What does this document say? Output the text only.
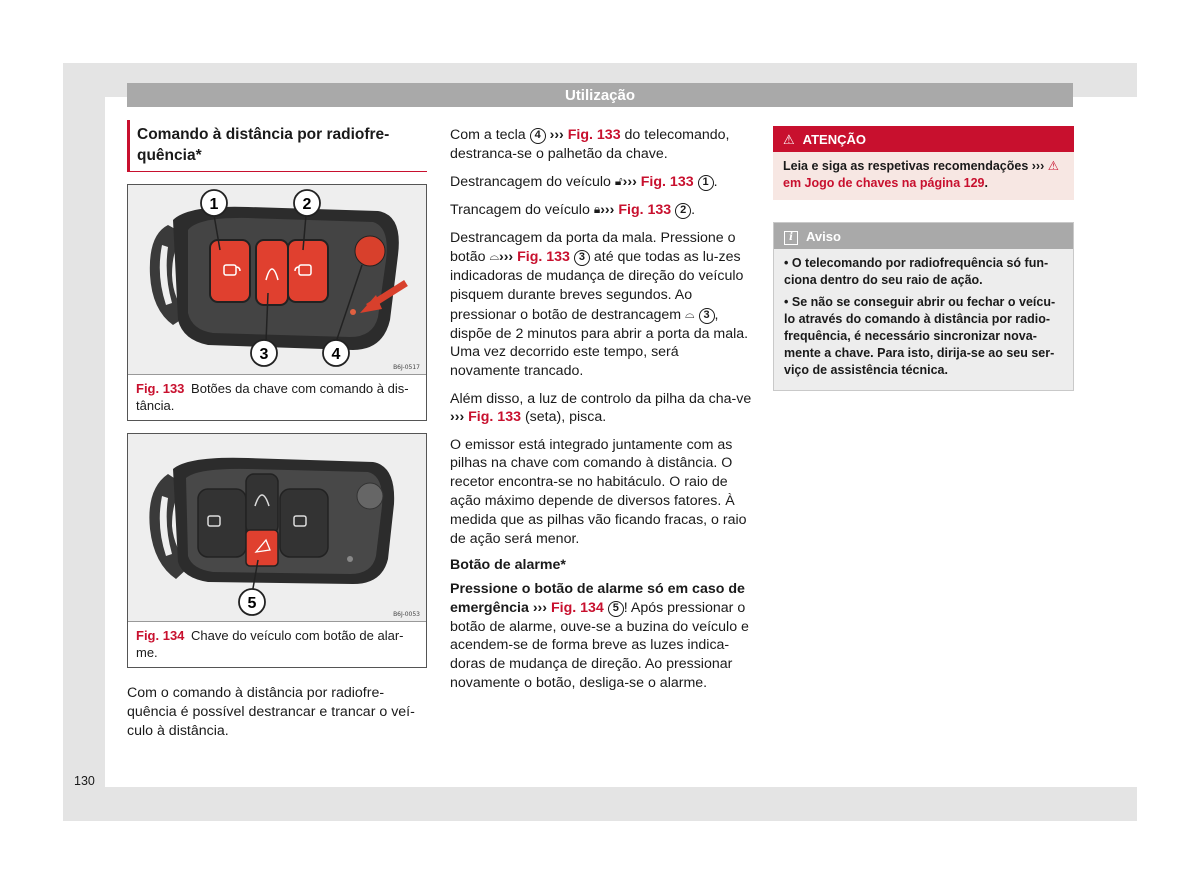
Utilização
Comando à distância por radiofre-
quência*
1	2
3	4
B6J-0517
Fig. 133 Botões da chave com comando à dis-tância.
5
B6J-0053
Fig. 134 Chave do veículo com botão de alar-me.

Com o comando à distância por radiofre-quência é possível destrancar e trancar o veí-culo à distância.

Com a tecla 4 ››› Fig. 133 do telecomando, destranca-se o palhetão da chave.

Destrancagem do veículo 🔓︎››› Fig. 133 1 .

Trancagem do veículo 🔒︎››› Fig. 133 2 .

Destrancagem da porta da mala. Pressione o botão ⌓››› Fig. 133 3 até que todas as lu-zes indicadoras de mudança de direção do veículo pisquem durante breves segundos. Ao pressionar o botão de destrancagem ⌓ 3 , dispõe de 2 minutos para abrir a porta da mala. Uma vez decorrido este tempo, será novamente trancado.

Além disso, a luz de controlo da pilha da cha-ve ››› Fig. 133 (seta), pisca.

O emissor está integrado juntamente com as pilhas na chave com comando à distância. O recetor encontra-se no habitáculo. O raio de ação máximo depende de diversos fatores. À medida que as pilhas vão ficando fracas, o raio de ação será menor.

Botão de alarme*

Pressione o botão de alarme só em caso de emergência ››› Fig. 134 5 ! Após pressionar o botão de alarme, ouve-se a buzina do veículo e acendem-se de forma breve as luzes indica-doras de mudança de direção. Ao pressionar novamente o botão, desliga-se o alarme.

⚠ ATENÇÃO
Leia e siga as respetivas recomendações ››› ⚠ em Jogo de chaves na página 129.
i Aviso
• O telecomando por radiofrequência só fun-ciona dentro do seu raio de ação.
• Se não se conseguir abrir ou fechar o veícu-lo através do comando à distância por radio-frequência, é necessário sincronizar nova-mente a chave. Para isto, dirija-se ao seu ser-viço de assistência técnica.
130
